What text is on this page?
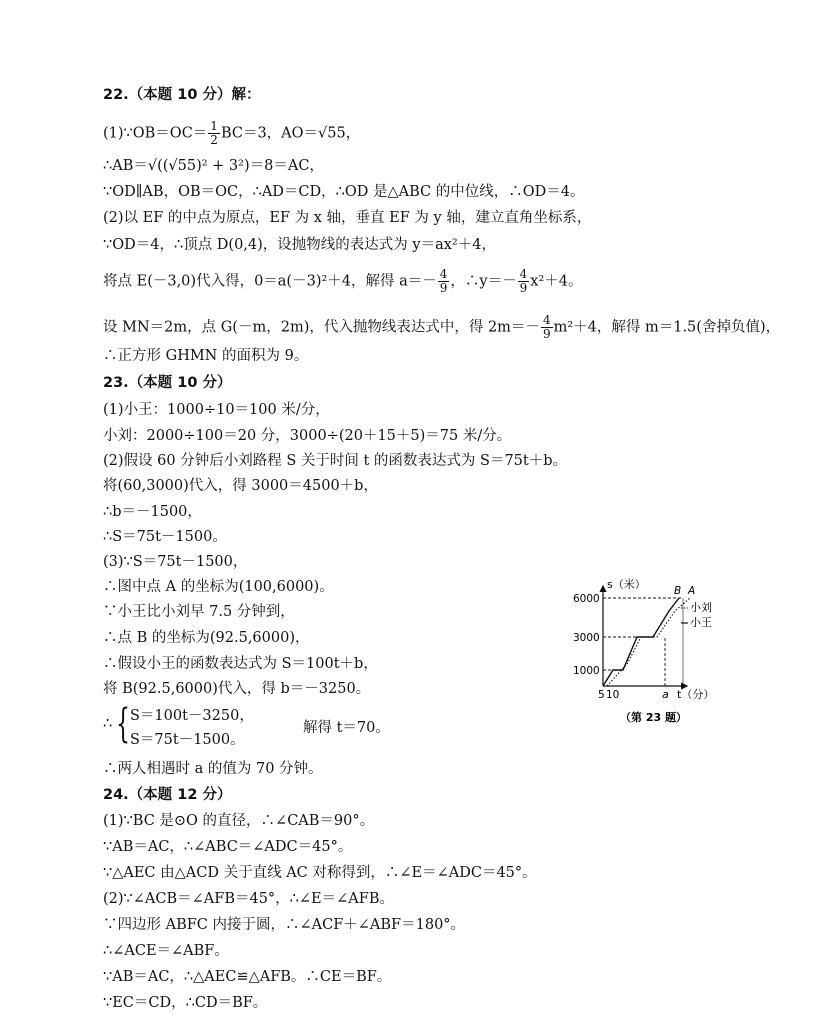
22.（本题 10 分）解：
(1)∵OB＝OC＝ $\frac{1}{2} BC=3$，AO＝√55，
∴AB＝√((√55)² + 3²)＝8＝AC，
∵OD∥AB，OB＝OC，∴AD＝CD，∴OD 是△ABC 的中位线，∴OD＝4。
(2)以 EF 的中点为原点，EF 为 x 轴，垂直 EF 为 y 轴，建立直角坐标系，
∵OD＝4，∴顶点 D(0,4)，设抛物线的表达式为 y＝ax²＋4，
将点 E(－3,0)代入得，0＝a(－3)²＋4，解得 $a=- \frac{4}{9}$ ，∴y＝－ $\frac{4}{9} x^2+4$。
设 MN＝2m，点 G(－m，2m)，代入抛物线表达式中，得 $2m=- \frac{4}{9} m^2+4$，解得 m＝1.5(舍掉负值)，
∴正方形 GHMN 的面积为 9。
23.（本题 10 分）
(1)小王：1000÷10＝100 米/分，
小刘：2000÷100＝20 分，3000÷(20＋15＋5)＝75 米/分。
(2)假设 60 分钟后小刘路程 S 关于时间 t 的函数表达式为 S＝75t＋b。
将(60,3000)代入，得 3000＝4500＋b，
∴b＝－1500，
∴S＝75t－1500。
(3)∵S＝75t－1500，
∴图中点 A 的坐标为(100,6000)。
∵小王比小刘早 7.5 分钟到，
∴点 B 的坐标为(92.5,6000)，
∴假设小王的函数表达式为 S＝100t＋b，
将 B(92.5,6000)代入，得 b＝－3250。
∴ { S＝100t－3250，
S＝75t－1500。
解得 t＝70。
∴两人相遇时 a 的值为 70 分钟。
24.（本题 12 分）
(1)∵BC 是⊙O 的直径，∴∠CAB＝90°。
∵AB＝AC，∴∠ABC＝∠ADC＝45°。
∵△AEC 由△ACD 关于直线 AC 对称得到，∴∠E＝∠ADC＝45°。
(2)∵∠ACB＝∠AFB＝45°，∴∠E＝∠AFB。
∵四边形 ABFC 内接于圆，∴∠ACF＋∠ABF＝180°。
∴∠ACE＝∠ABF。
∵AB＝AC，∴△AEC≌△AFB。∴CE＝BF。
∵EC＝CD，∴CD＝BF。
s（米）
6000
3000
1000
5 10	a t（分）
B A
小刘
小王
（第 23 题）
